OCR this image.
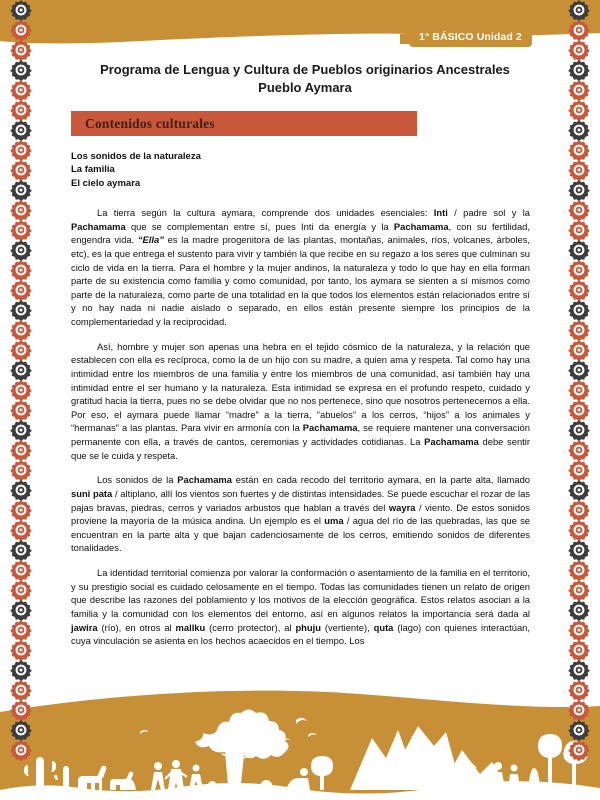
1° BÁSICO Unidad 2
Programa de Lengua y Cultura de Pueblos originarios Ancestrales
Pueblo Aymara
Contenidos culturales
Los sonidos de la naturaleza
La familia
El cielo aymara

La tierra según la cultura aymara, comprende dos unidades esenciales: Inti / padre sol y la Pachamama que se complementan entre sí, pues Inti da energía y la Pachamama, con su fertilidad, engendra vida. “Ella” es la madre progenitora de las plantas, montañas, animales, ríos, volcanes, árboles, etc), es la que entrega el sustento para vivir y también la que recibe en su regazo a los seres que culminan su ciclo de vida en la tierra. Para el hombre y la mujer andinos, la naturaleza y todo lo que hay en ella forman parte de su existencia como familia y como comunidad, por tanto, los aymara se sienten a sí mismos como parte de la naturaleza, como parte de una totalidad en la que todos los elementos están relacionados entre sí y no hay nada ni nadie aislado o separado, en ellos están presente siempre los principios de la complementariedad y la reciprocidad.

Así, hombre y mujer son apenas una hebra en el tejido cósmico de la naturaleza, y la relación que establecen con ella es recíproca, como la de un hijo con su madre, a quien ama y respeta. Tal como hay una intimidad entre los miembros de una familia y entre los miembros de una comunidad, así también hay una intimidad entre el ser humano y la naturaleza. Esta intimidad se expresa en el profundo respeto, cuidado y gratitud hacia la tierra, pues no se debe olvidar que no nos pertenece, sino que nosotros pertenecemos a ella. Por eso, el aymara puede llamar “madre” a la tierra, “abuelos” a los cerros, “hijos” a los animales y “hermanas” a las plantas. Para vivir en armonía con la Pachamama, se requiere mantener una conversación permanente con ella, a través de cantos, ceremonias y actividades cotidianas. La Pachamama debe sentir que se le cuida y respeta.

Los sonidos de la Pachamama están en cada recodo del territorio aymara, en la parte alta, llamado suni pata / altiplano, allí los vientos son fuertes y de distintas intensidades. Se puede escuchar el rozar de las pajas bravas, piedras, cerros y variados arbustos que hablan a través del wayra / viento. De estos sonidos proviene la mayoría de la música andina. Un ejemplo es el uma / agua del río de las quebradas, las que se encuentran en la parte alta y que bajan cadenciosamente de los cerros, emitiendo sonidos de diferentes tonalidades.

La identidad territorial comienza por valorar la conformación o asentamiento de la familia en el territorio, y su prestigio social es cuidado celosamente en el tiempo. Todas las comunidades tienen un relato de origen que describe las razones del poblamiento y los motivos de la elección geográfica. Estos relatos asocian a la familia y la comunidad con los elementos del entorno, así en algunos relatos la importancia será dada al jawira (río), en otros al mallku (cerro protector), al phuju (vertiente), quta (lago) con quienes interactúan, cuya vinculación se asienta en los hechos acaecidos en el tiempo. Los
